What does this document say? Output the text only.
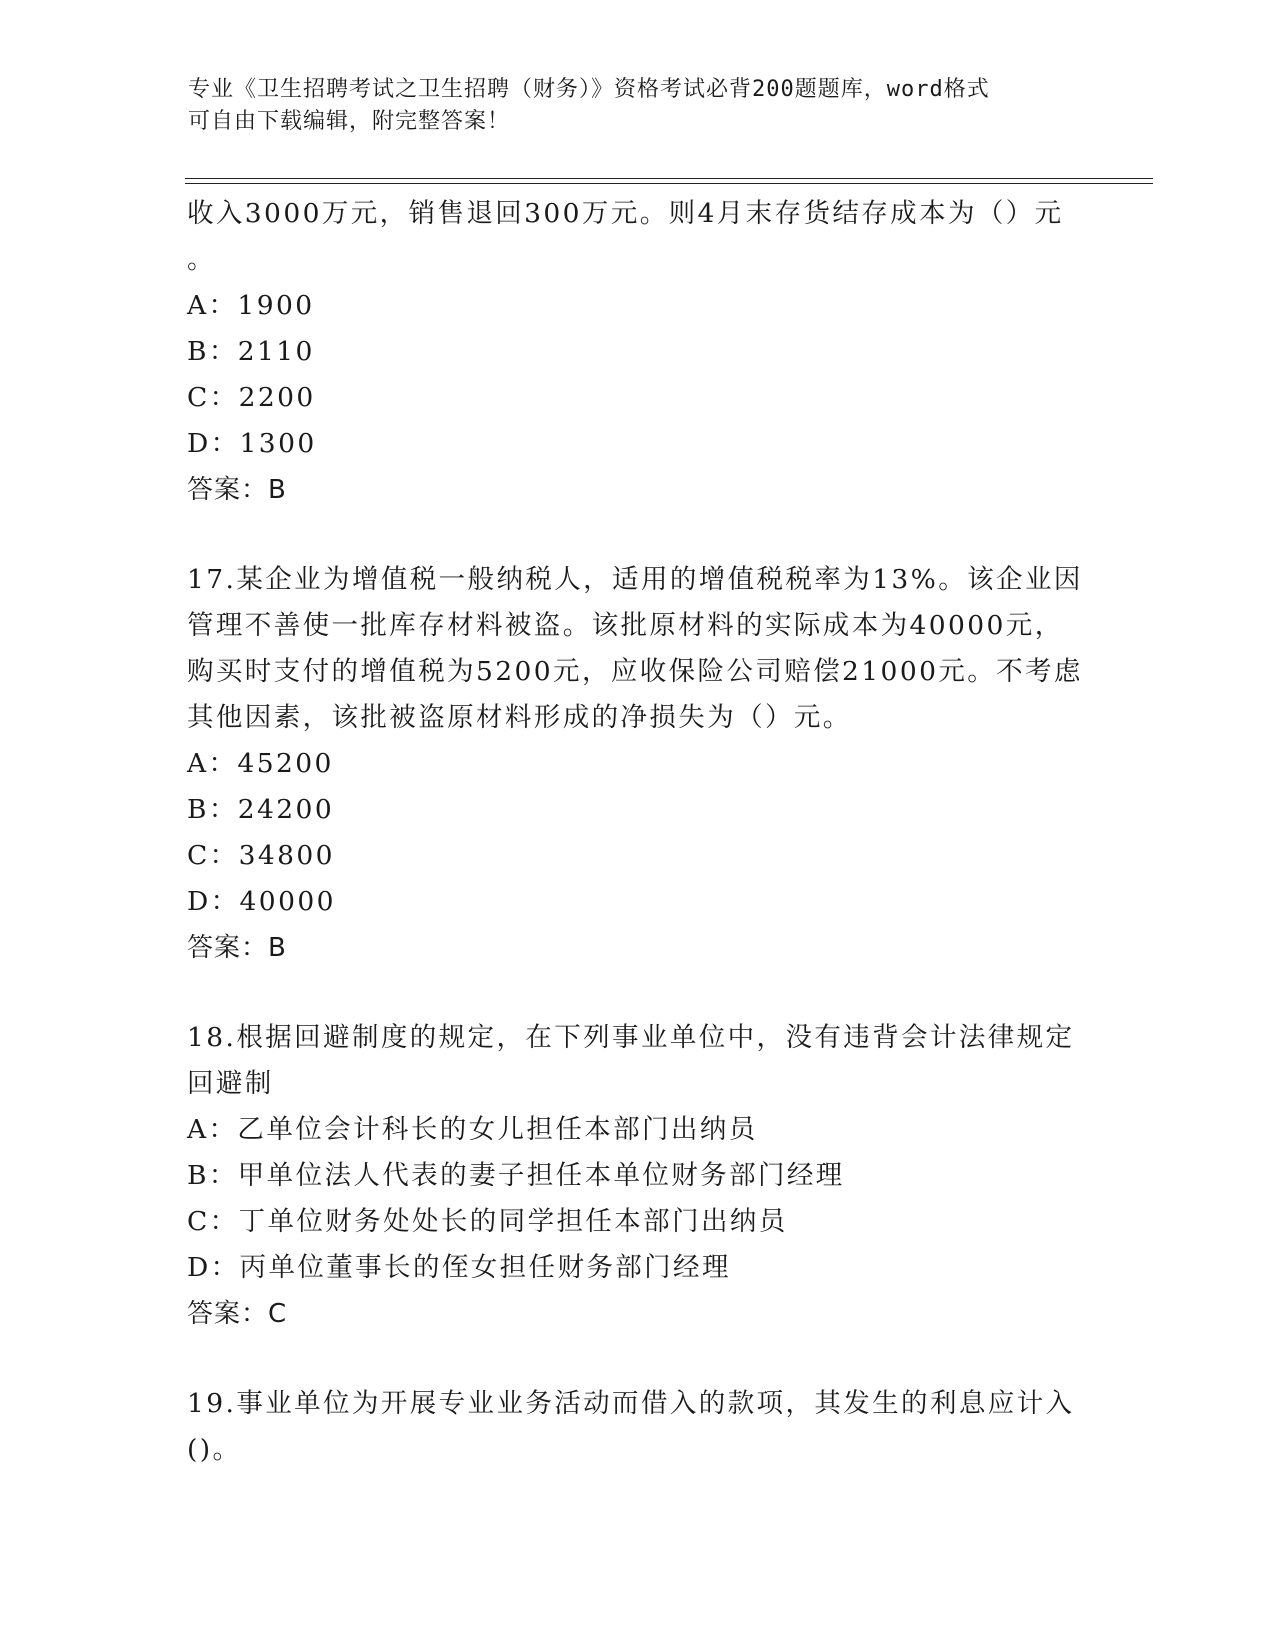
专业《卫生招聘考试之卫生招聘（财务）》资格考试必背200题题库，word格式
可自由下载编辑，附完整答案！
收入3000万元，销售退回300万元。则4月末存货结存成本为（）元
。
A：1900
B：2110
C：2200
D：1300
答案：B
17.某企业为增值税一般纳税人，适用的增值税税率为13%。该企业因
管理不善使一批库存材料被盗。该批原材料的实际成本为40000元，
购买时支付的增值税为5200元，应收保险公司赔偿21000元。不考虑
其他因素，该批被盗原材料形成的净损失为（）元。
A：45200
B：24200
C：34800
D：40000
答案：B
18.根据回避制度的规定，在下列事业单位中，没有违背会计法律规定
回避制
A：乙单位会计科长的女儿担任本部门出纳员
B：甲单位法人代表的妻子担任本单位财务部门经理
C：丁单位财务处处长的同学担任本部门出纳员
D：丙单位董事长的侄女担任财务部门经理
答案：C
19.事业单位为开展专业业务活动而借入的款项，其发生的利息应计入
()。
